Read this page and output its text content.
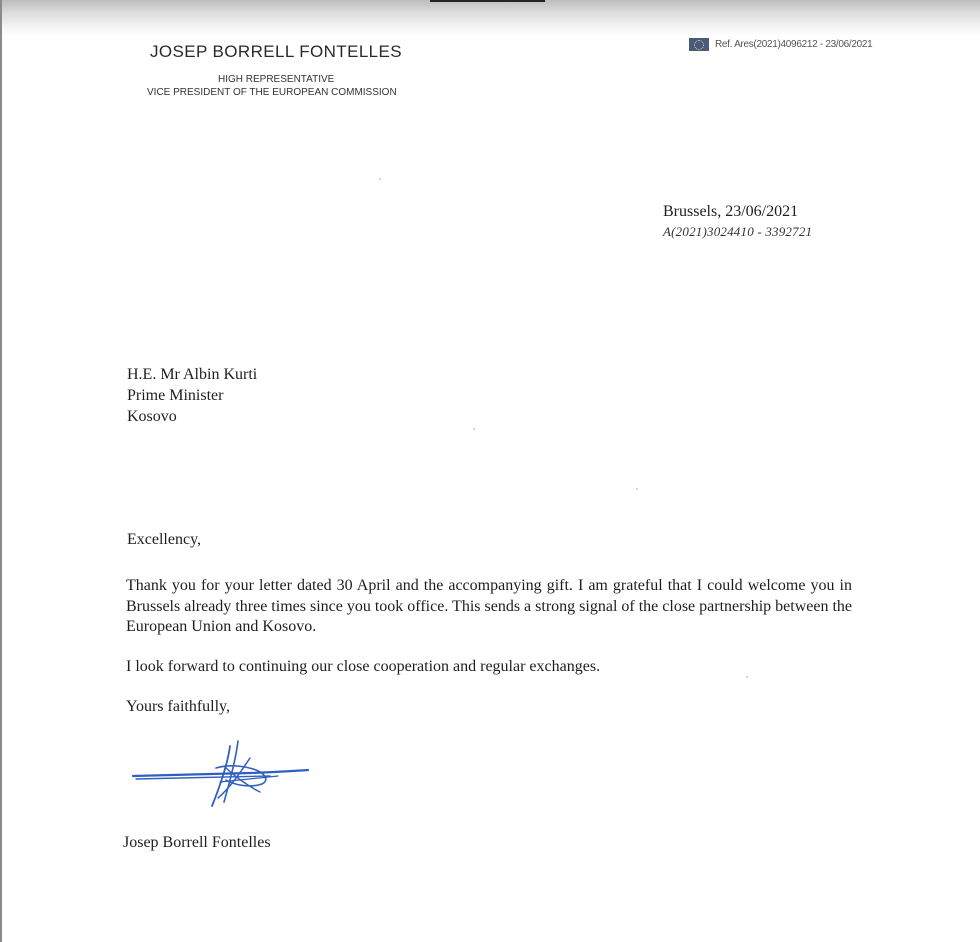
JOSEP BORRELL FONTELLES
HIGH REPRESENTATIVE
VICE PRESIDENT OF THE EUROPEAN COMMISSION
Ref. Ares(2021)4096212 - 23/06/2021
Brussels, 23/06/2021
A(2021)3024410 - 3392721
H.E. Mr Albin Kurti
Prime Minister
Kosovo
Excellency,
Thank you for your letter dated 30 April and the accompanying gift. I am grateful that I could welcome you in Brussels already three times since you took office. This sends a strong signal of the close partnership between the European Union and Kosovo.
I look forward to continuing our close cooperation and regular exchanges.
Yours faithfully,
Josep Borrell Fontelles
